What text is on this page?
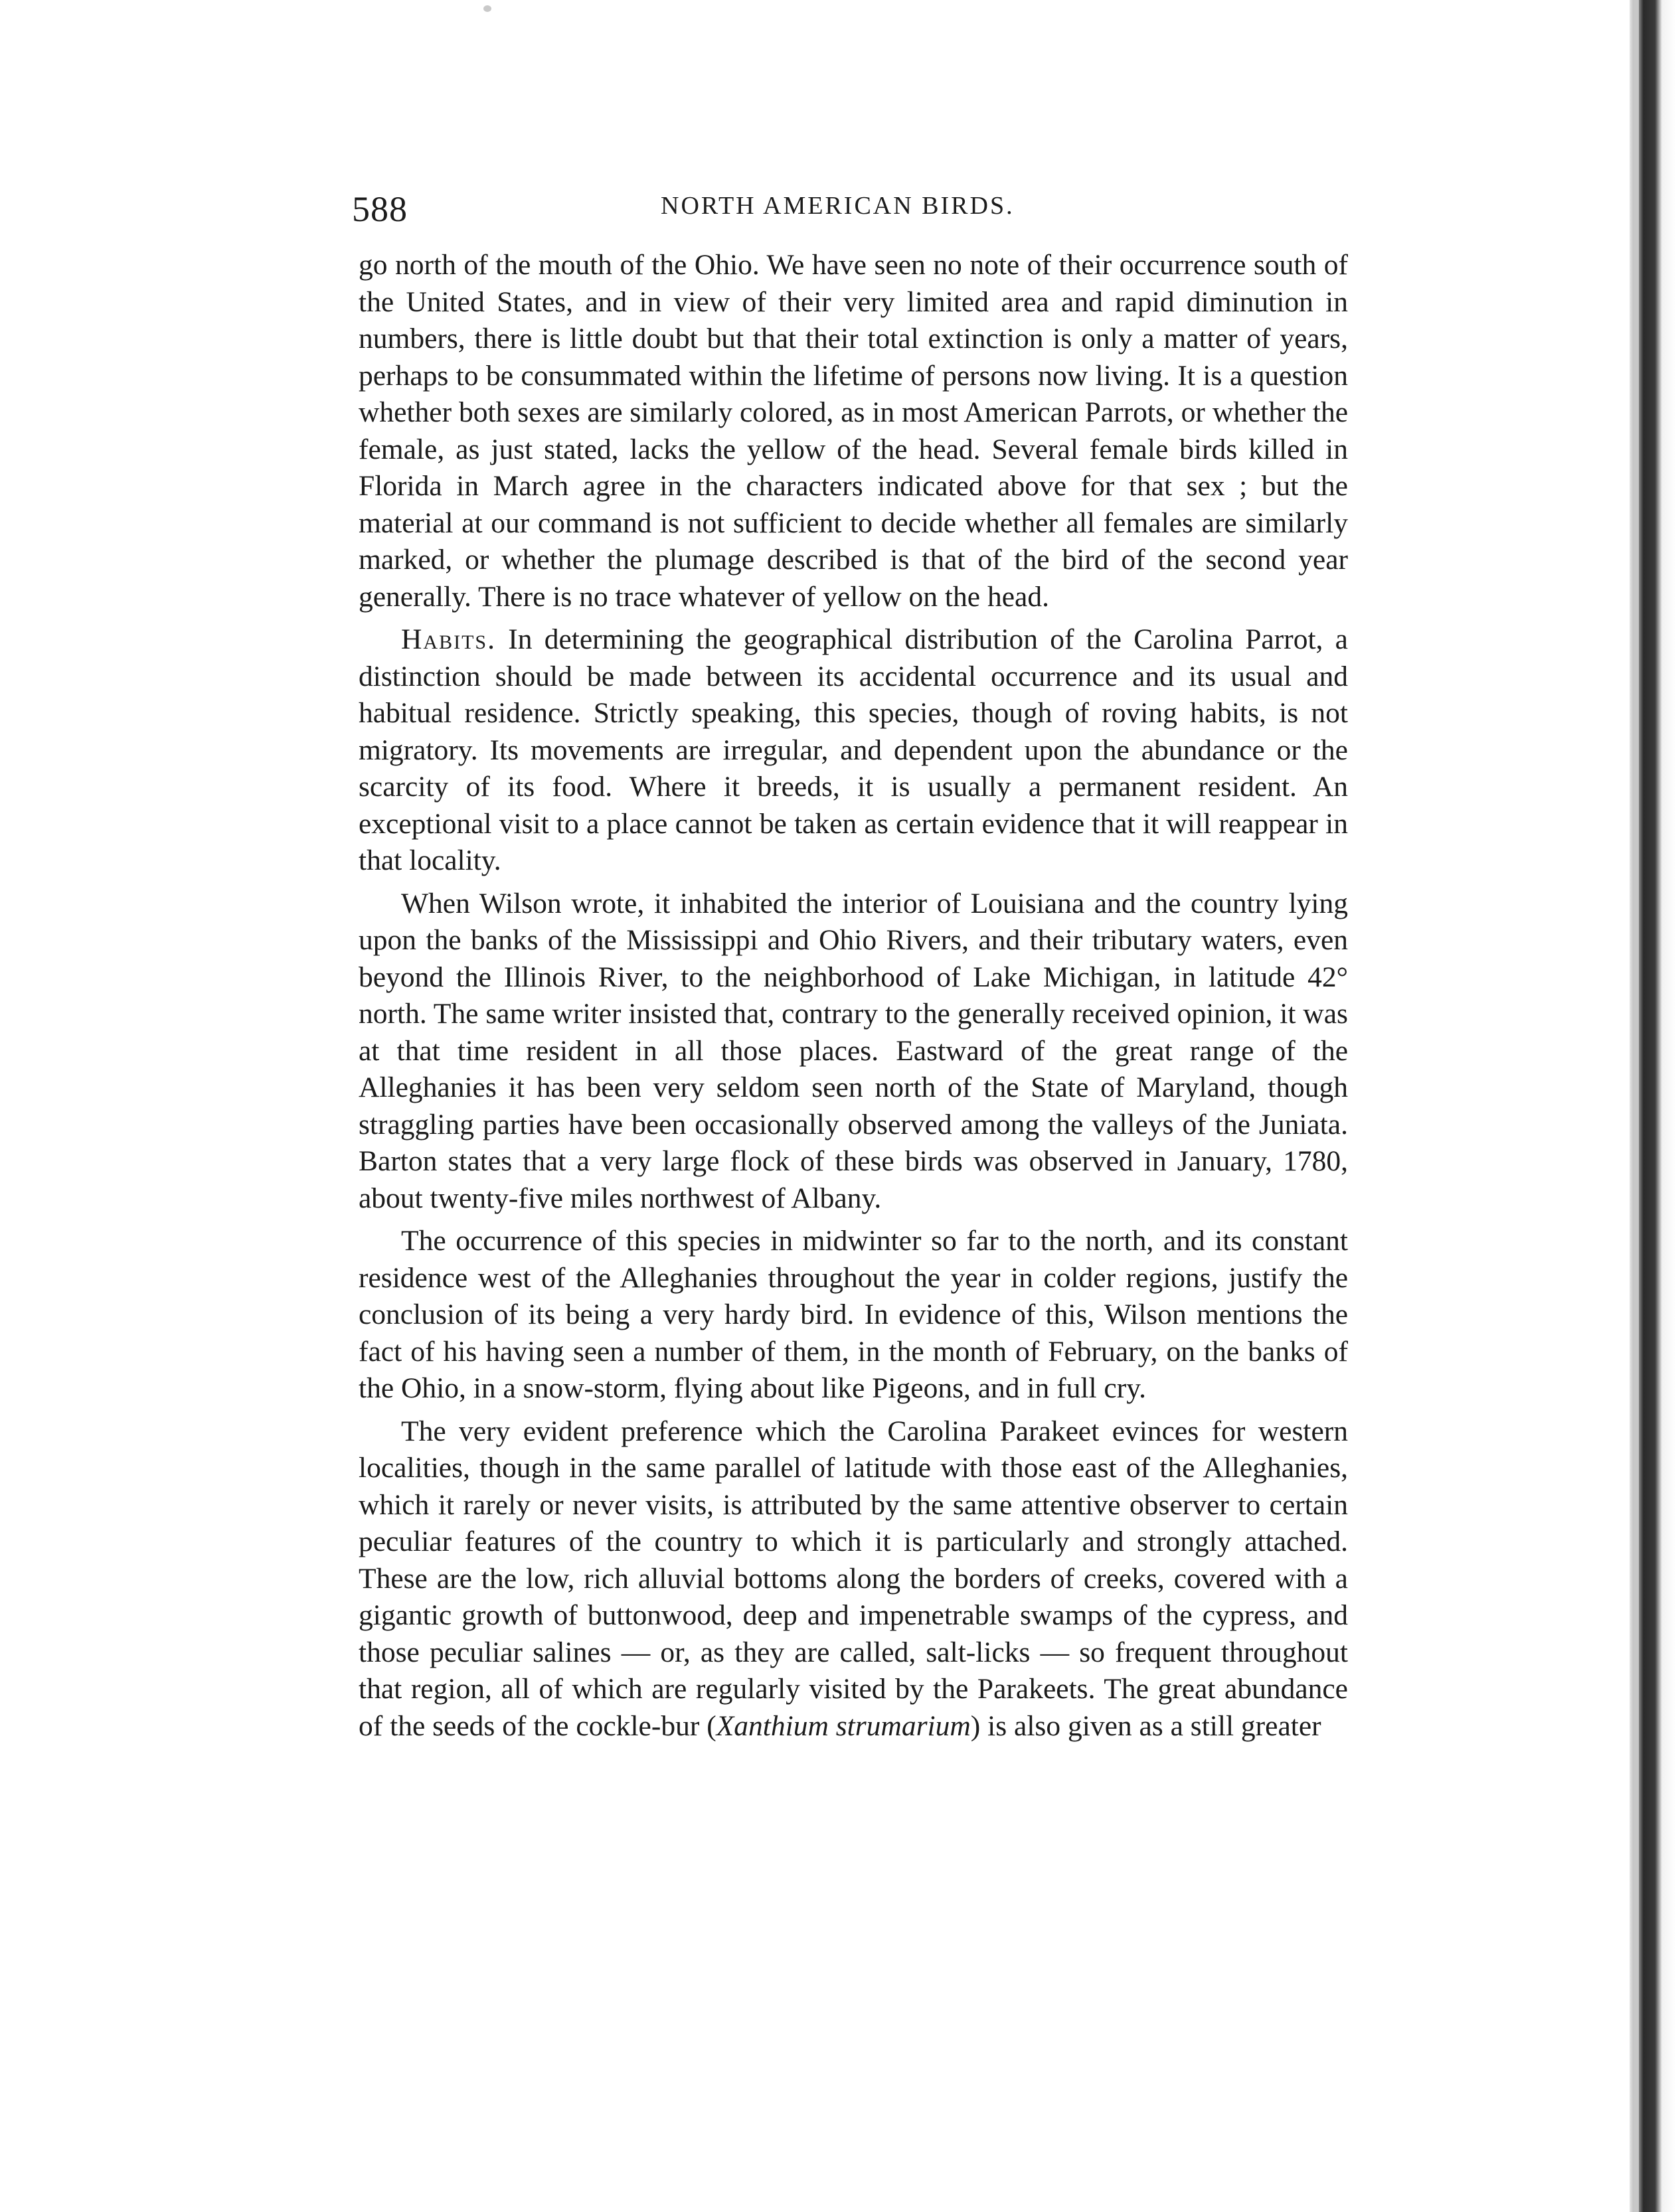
588	NORTH AMERICAN BIRDS.

go north of the mouth of the Ohio. We have seen no note of their occurrence south of the United States, and in view of their very limited area and rapid diminution in numbers, there is little doubt but that their total extinction is only a matter of years, perhaps to be consummated within the lifetime of persons now living. It is a question whether both sexes are similarly colored, as in most American Parrots, or whether the female, as just stated, lacks the yellow of the head. Several female birds killed in Florida in March agree in the characters indicated above for that sex ; but the material at our command is not sufficient to decide whether all females are similarly marked, or whether the plumage described is that of the bird of the second year generally. There is no trace whatever of yellow on the head.

Habits. In determining the geographical distribution of the Carolina Parrot, a distinction should be made between its accidental occurrence and its usual and habitual residence. Strictly speaking, this species, though of roving habits, is not migratory. Its movements are irregular, and dependent upon the abundance or the scarcity of its food. Where it breeds, it is usually a permanent resident. An exceptional visit to a place cannot be taken as certain evidence that it will reappear in that locality.

When Wilson wrote, it inhabited the interior of Louisiana and the country lying upon the banks of the Mississippi and Ohio Rivers, and their tributary waters, even beyond the Illinois River, to the neighborhood of Lake Michigan, in latitude 42° north. The same writer insisted that, contrary to the generally received opinion, it was at that time resident in all those places. Eastward of the great range of the Alleghanies it has been very seldom seen north of the State of Maryland, though straggling parties have been occasionally observed among the valleys of the Juniata. Barton states that a very large flock of these birds was observed in January, 1780, about twenty-five miles northwest of Albany.

The occurrence of this species in midwinter so far to the north, and its constant residence west of the Alleghanies throughout the year in colder regions, justify the conclusion of its being a very hardy bird. In evidence of this, Wilson mentions the fact of his having seen a number of them, in the month of February, on the banks of the Ohio, in a snow-storm, flying about like Pigeons, and in full cry.

The very evident preference which the Carolina Parakeet evinces for western localities, though in the same parallel of latitude with those east of the Alleghanies, which it rarely or never visits, is attributed by the same attentive observer to certain peculiar features of the country to which it is particularly and strongly attached. These are the low, rich alluvial bottoms along the borders of creeks, covered with a gigantic growth of buttonwood, deep and impenetrable swamps of the cypress, and those peculiar salines — or, as they are called, salt-licks — so frequent throughout that region, all of which are regularly visited by the Parakeets. The great abundance of the seeds of the cockle-bur (Xanthium strumarium) is also given as a still greater
